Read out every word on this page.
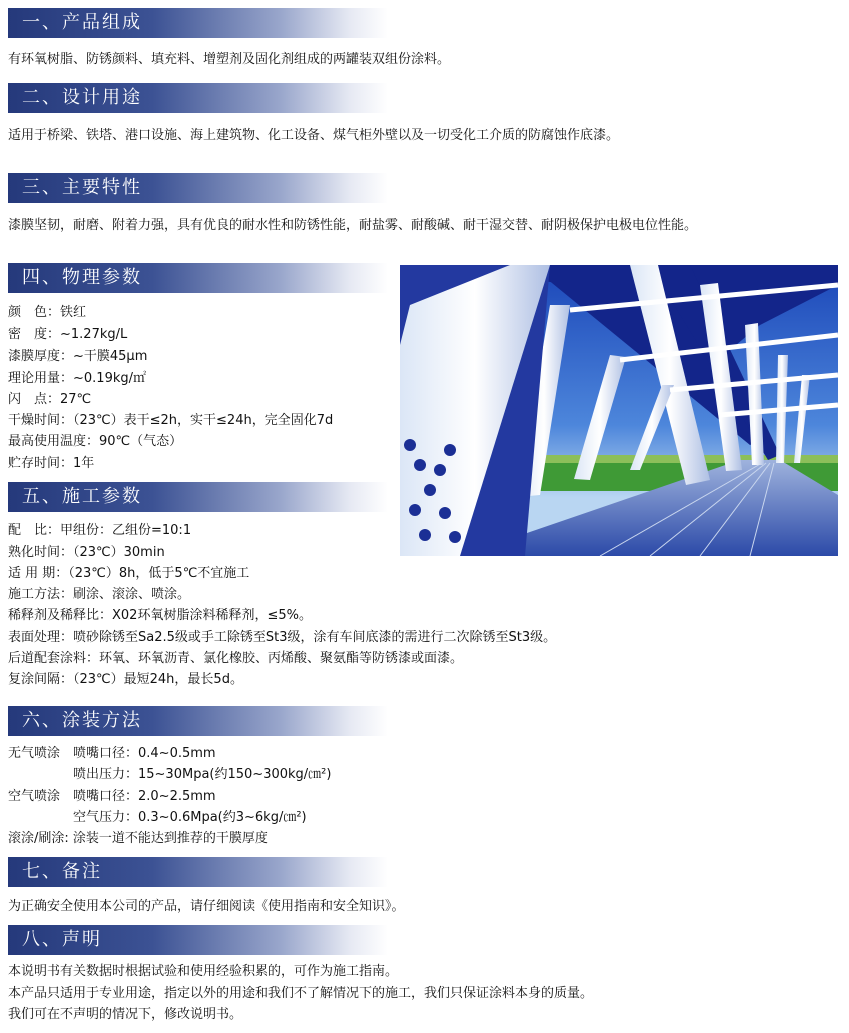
一、产品组成
有环氧树脂、防锈颜料、填充料、增塑剂及固化剂组成的两罐装双组份涂料。
二、设计用途
适用于桥梁、铁塔、港口设施、海上建筑物、化工设备、煤气柜外壁以及一切受化工介质的防腐蚀作底漆。
三、主要特性
漆膜坚韧，耐磨、附着力强，具有优良的耐水性和防锈性能，耐盐雾、耐酸碱、耐干湿交替、耐阴极保护电极电位性能。
四、物理参数
颜　色：铁红
密　度：~1.27kg/L
漆膜厚度：~干膜45μm
理论用量：~0.19kg/㎡
闪　点：27℃
干燥时间：（23℃）表干≤2h，实干≤24h，完全固化7d
最高使用温度：90℃（气态）
贮存时间：1年
五、施工参数
配　比：甲组份：乙组份=10:1
熟化时间：（23℃）30min
适 用 期：（23℃）8h，低于5℃不宜施工
施工方法：刷涂、滚涂、喷涂。
稀释剂及稀释比：X02环氧树脂涂料稀释剂，≤5%。
表面处理：喷砂除锈至Sa2.5级或手工除锈至St3级，涂有车间底漆的需进行二次除锈至St3级。
后道配套涂料：环氧、环氧沥青、氯化橡胶、丙烯酸、聚氨酯等防锈漆或面漆。
复涂间隔：（23℃）最短24h，最长5d。
六、涂装方法
无气喷涂　喷嘴口径：0.4~0.5mm
　　　　　喷出压力：15~30Mpa(约150~300kg/㎝²)
空气喷涂　喷嘴口径：2.0~2.5mm
　　　　　空气压力：0.3~0.6Mpa(约3~6kg/㎝²)
滚涂/刷涂: 涂装一道不能达到推荐的干膜厚度
七、备注
为正确安全使用本公司的产品，请仔细阅读《使用指南和安全知识》。
八、声明
本说明书有关数据时根据试验和使用经验积累的，可作为施工指南。
本产品只适用于专业用途，指定以外的用途和我们不了解情况下的施工，我们只保证涂料本身的质量。
我们可在不声明的情况下，修改说明书。
